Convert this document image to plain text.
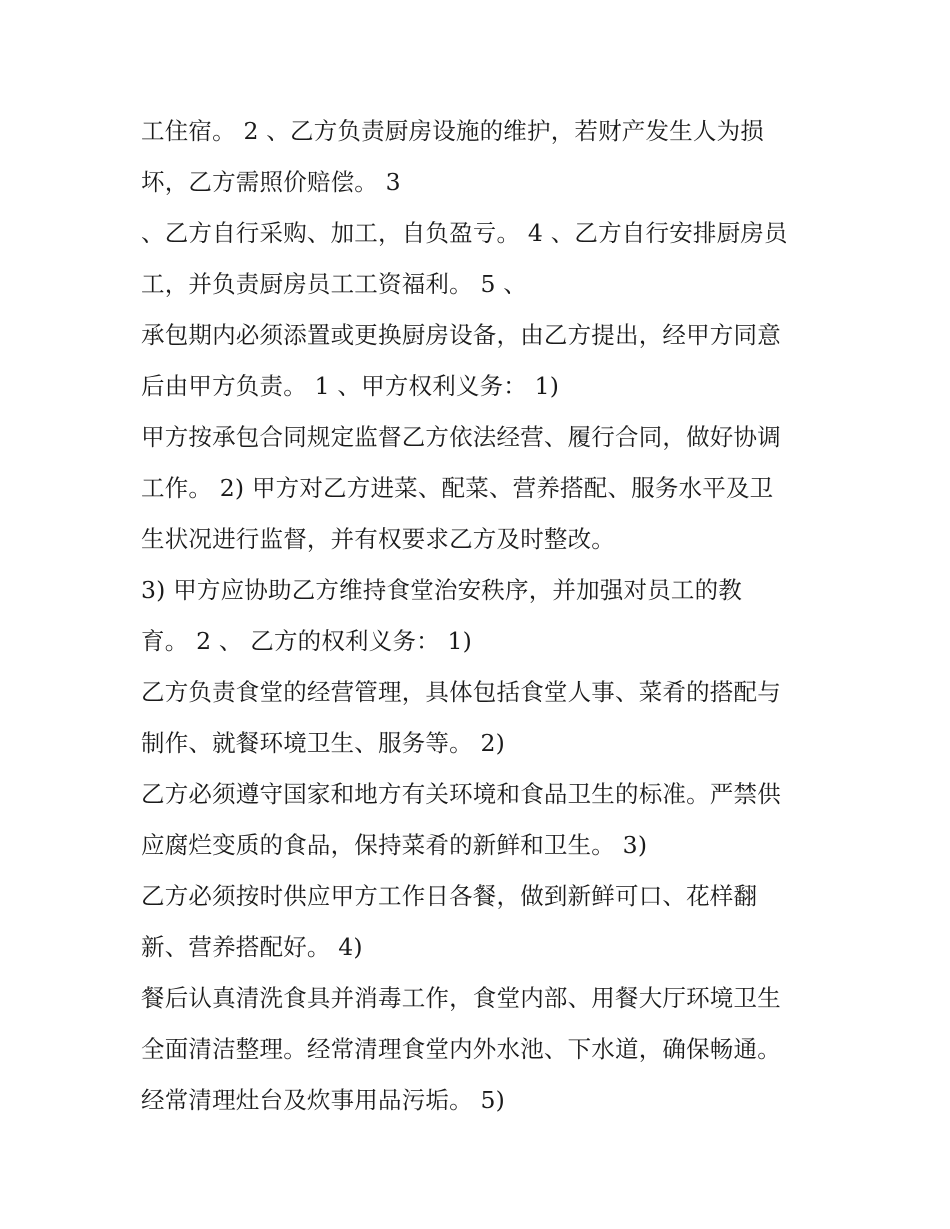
工住宿。 2 、乙方负责厨房设施的维护，若财产发生人为损
坏，乙方需照价赔偿。 3
、乙方自行采购、加工，自负盈亏。 4 、乙方自行安排厨房员
工，并负责厨房员工工资福利。 5 、
承包期内必须添置或更换厨房设备，由乙方提出，经甲方同意
后由甲方负责。 1 、甲方权利义务： 1)
甲方按承包合同规定监督乙方依法经营、履行合同，做好协调
工作。 2) 甲方对乙方进菜、配菜、营养搭配、服务水平及卫
生状况进行监督，并有权要求乙方及时整改。
3) 甲方应协助乙方维持食堂治安秩序，并加强对员工的教
育。 2 、 乙方的权利义务： 1)
乙方负责食堂的经营管理，具体包括食堂人事、菜肴的搭配与
制作、就餐环境卫生、服务等。 2)
乙方必须遵守国家和地方有关环境和食品卫生的标准。严禁供
应腐烂变质的食品，保持菜肴的新鲜和卫生。 3)
乙方必须按时供应甲方工作日各餐，做到新鲜可口、花样翻
新、营养搭配好。 4)
餐后认真清洗食具并消毒工作，食堂内部、用餐大厅环境卫生
全面清洁整理。经常清理食堂内外水池、下水道，确保畅通。
经常清理灶台及炊事用品污垢。 5)
